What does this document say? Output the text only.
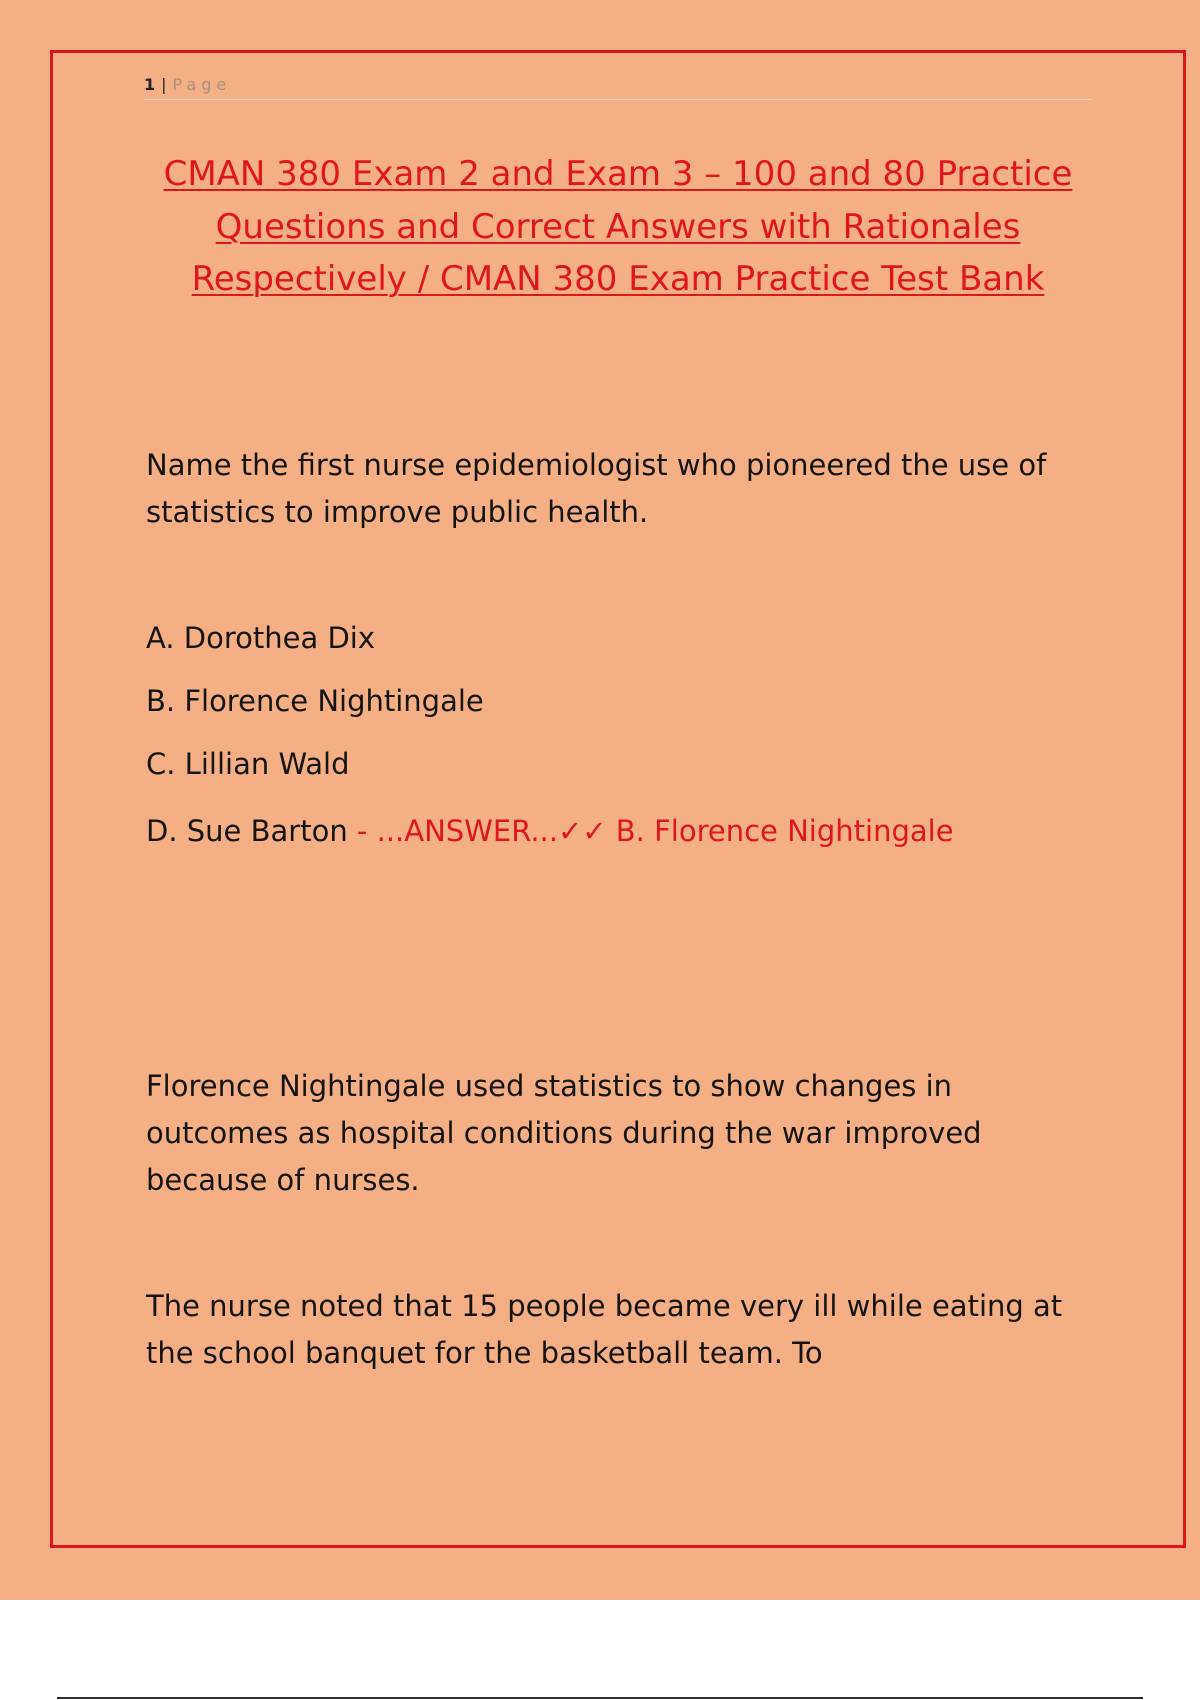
1 | Page
CMAN 380 Exam 2 and Exam 3 – 100 and 80 Practice Questions and Correct Answers with Rationales Respectively / CMAN 380 Exam Practice Test Bank

Name the first nurse epidemiologist who pioneered the use of statistics to improve public health.

A. Dorothea Dix

B. Florence Nightingale

C. Lillian Wald

D. Sue Barton - ...ANSWER...✓✓ B. Florence Nightingale

Florence Nightingale used statistics to show changes in outcomes as hospital conditions during the war improved because of nurses.

The nurse noted that 15 people became very ill while eating at the school banquet for the basketball team. To
